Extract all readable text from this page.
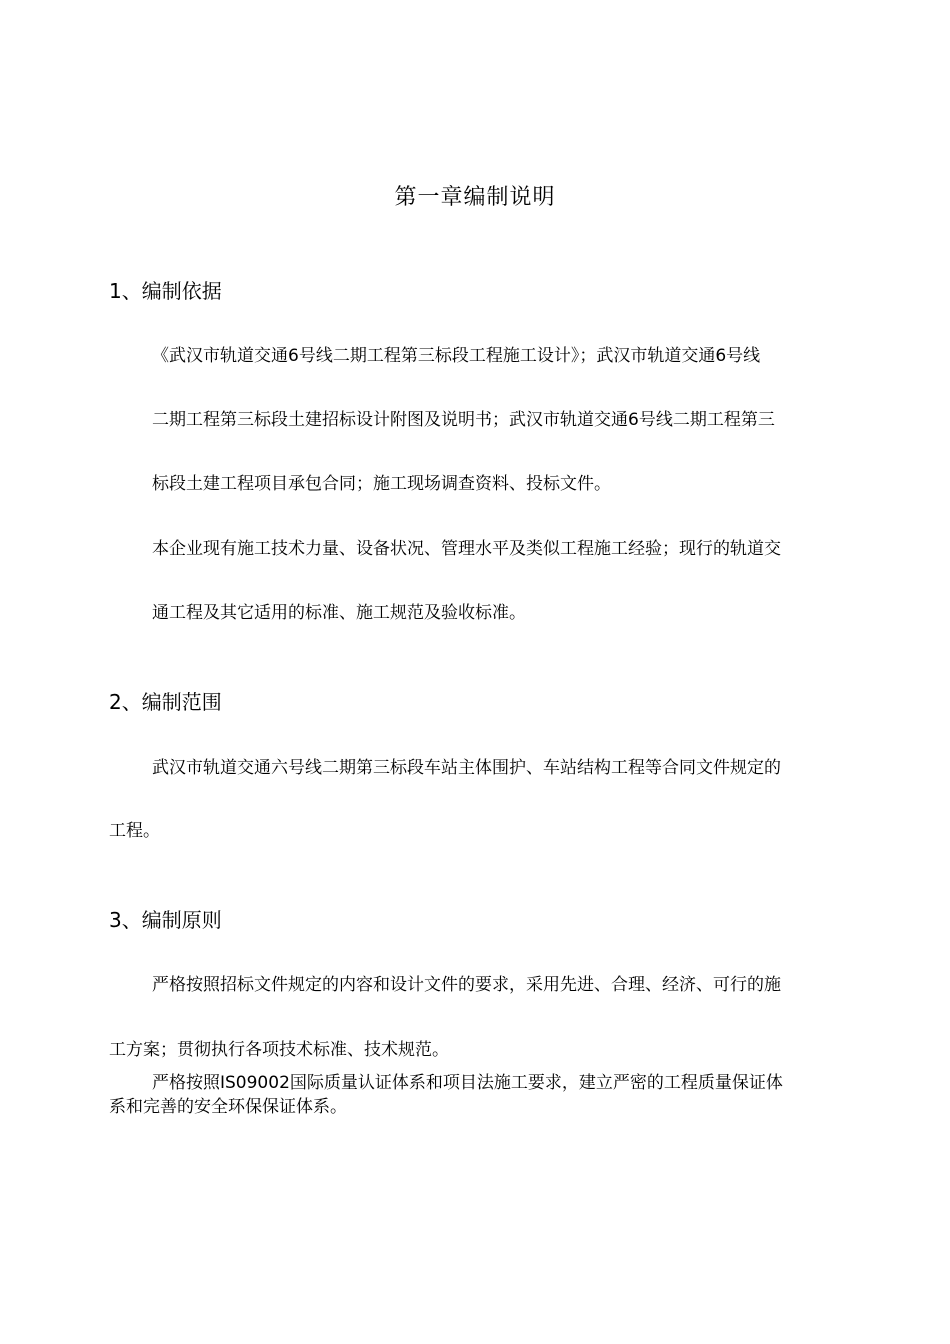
第一章编制说明
1、编制依据
《武汉市轨道交通6号线二期工程第三标段工程施工设计》；武汉市轨道交通6号线
二期工程第三标段土建招标设计附图及说明书；武汉市轨道交通6号线二期工程第三
标段土建工程项目承包合同；施工现场调查资料、投标文件。
本企业现有施工技术力量、设备状况、管理水平及类似工程施工经验；现行的轨道交
通工程及其它适用的标准、施工规范及验收标准。
2、编制范围
武汉市轨道交通六号线二期第三标段车站主体围护、车站结构工程等合同文件规定的
工程。
3、编制原则
严格按照招标文件规定的内容和设计文件的要求，采用先进、合理、经济、可行的施
工方案；贯彻执行各项技术标准、技术规范。
严格按照IS09002国际质量认证体系和项目法施工要求，建立严密的工程质量保证体
系和完善的安全环保保证体系。
